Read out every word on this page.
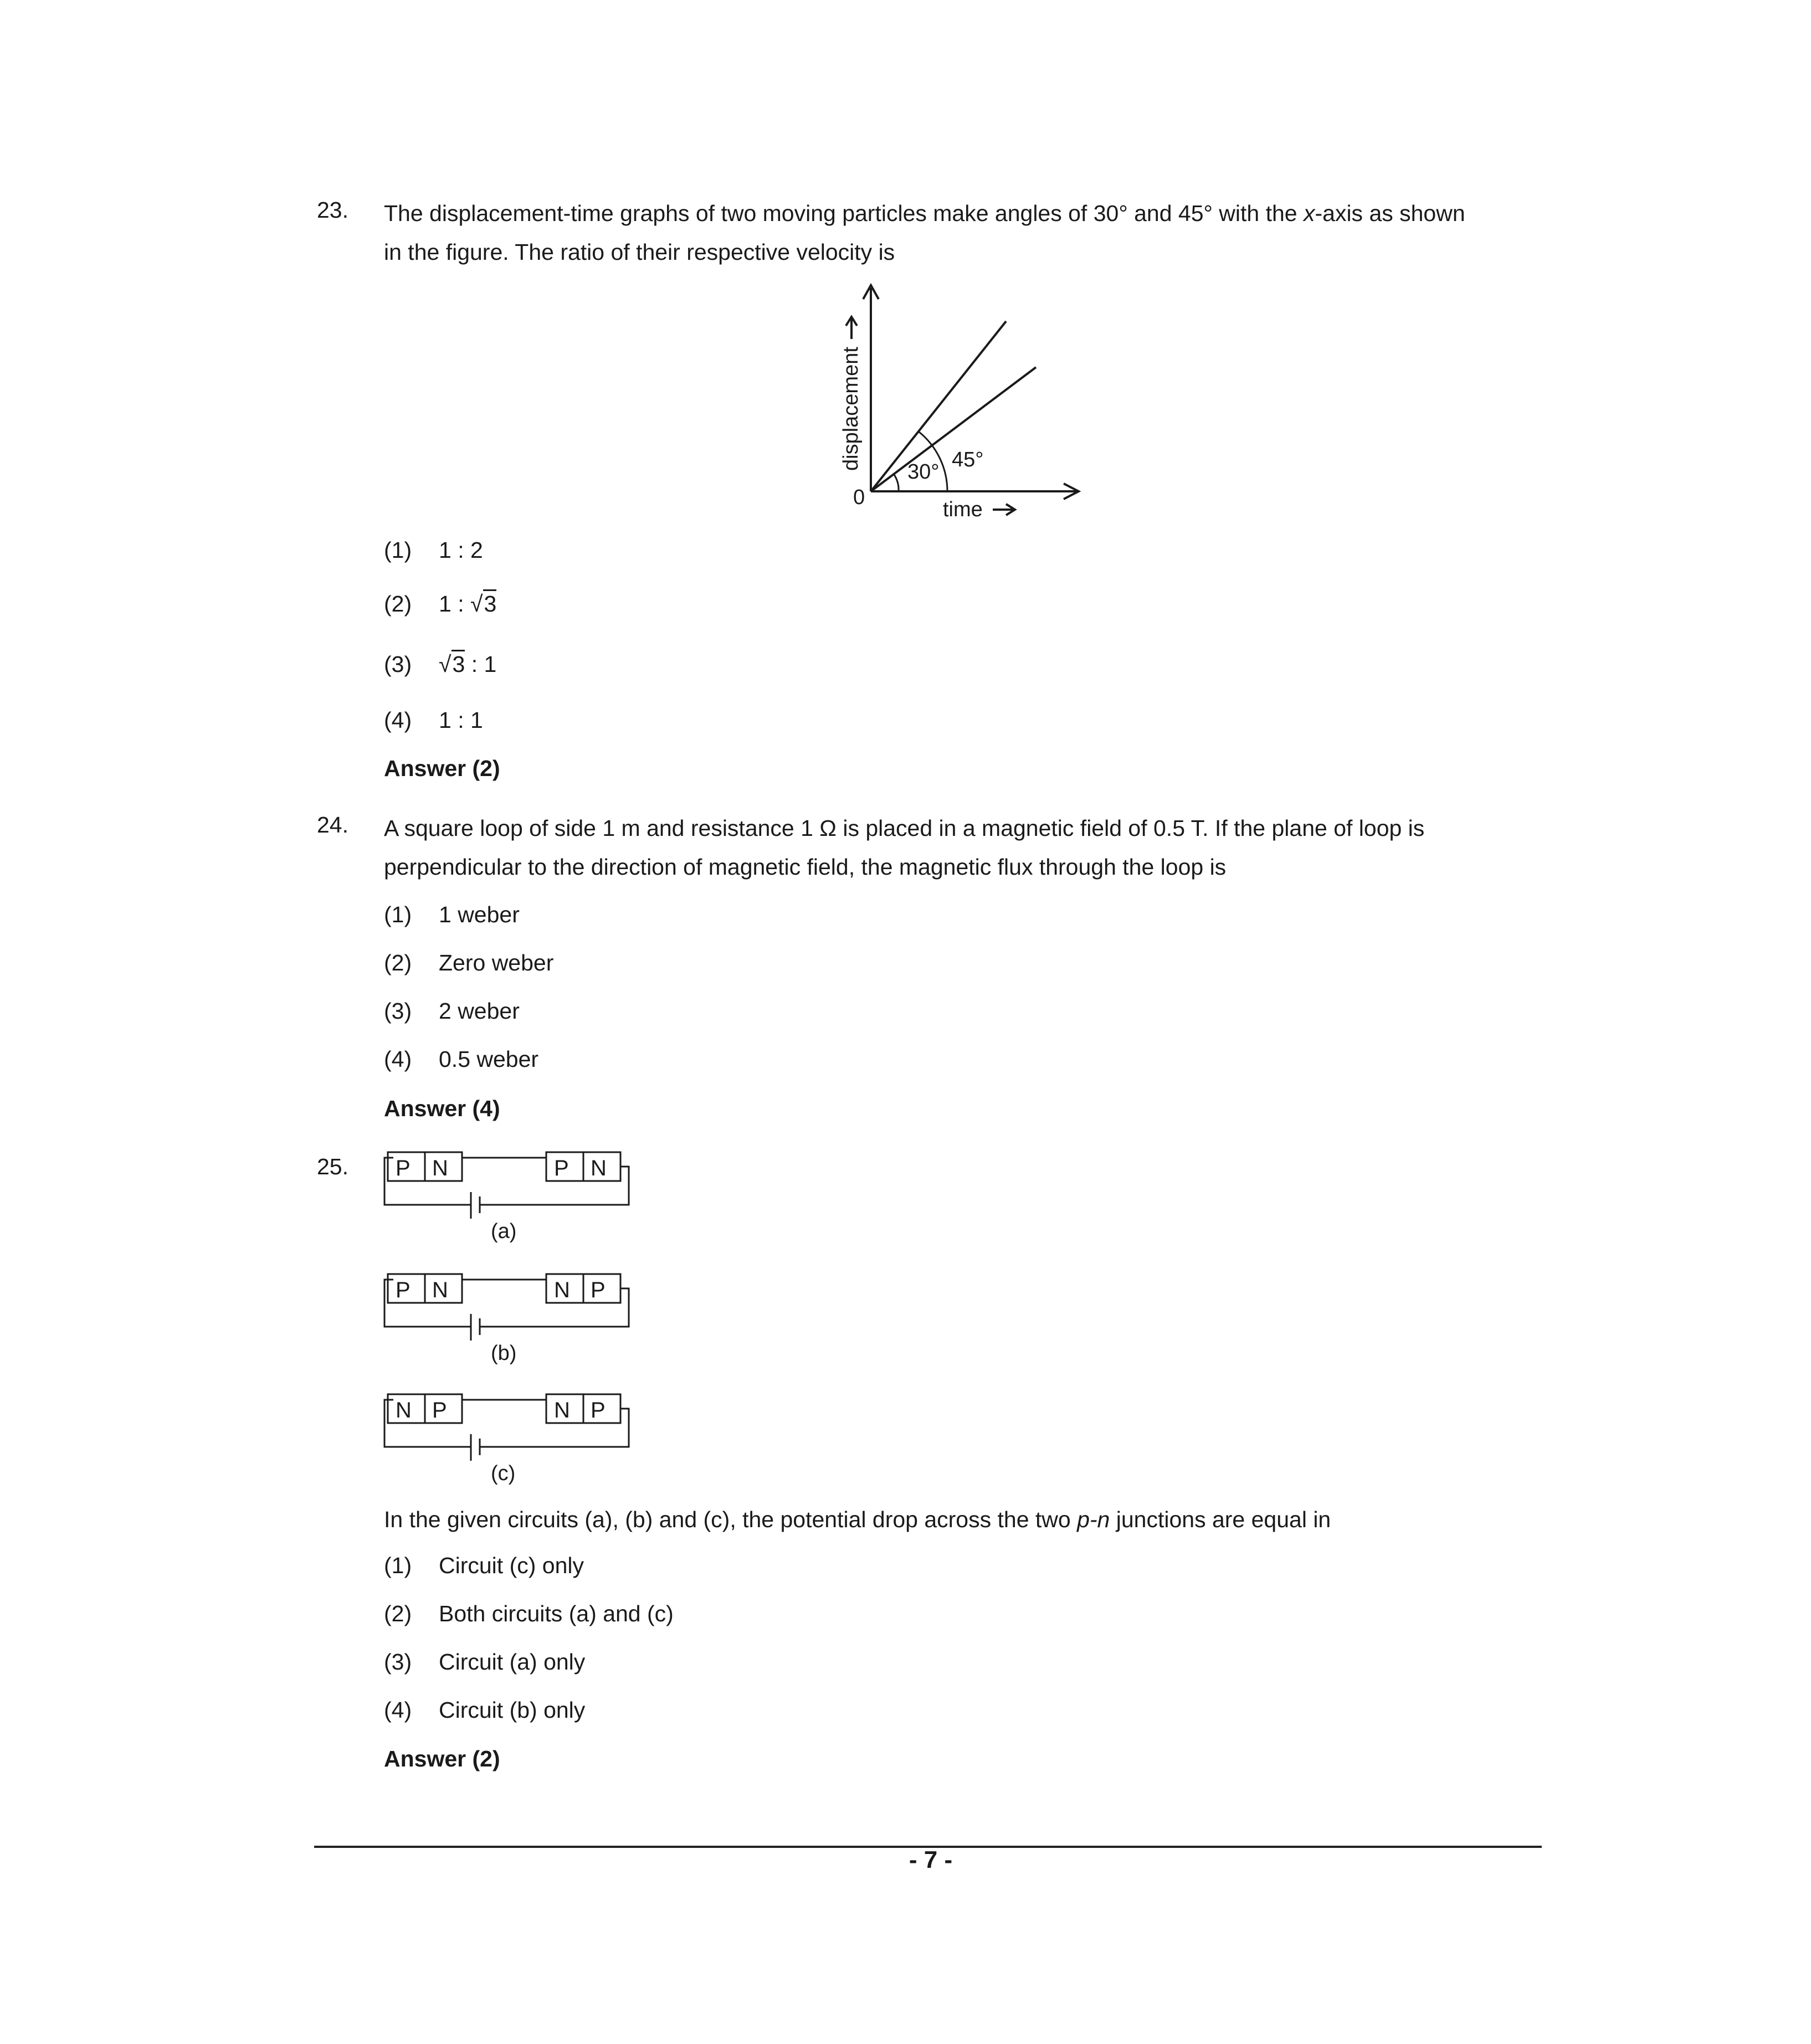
23. The displacement-time graphs of two moving particles make angles of 30° and 45° with the x-axis as shown
in the figure. The ratio of their respective velocity is
30°
45°
0
time
displacement
(1) 1 : 2
(2) 1 : √3
(3) √3 : 1
(4) 1 : 1
Answer (2)
24. A square loop of side 1 m and resistance 1 Ω is placed in a magnetic field of 0.5 T. If the plane of loop is
perpendicular to the direction of magnetic field, the magnetic flux through the loop is
(1) 1 weber
(2) Zero weber
(3) 2 weber
(4) 0.5 weber
Answer (4)
25. P N	P N
(a)
P N	N P
(b)
N P	N P
(c)
In the given circuits (a), (b) and (c), the potential drop across the two p-n junctions are equal in
(1) Circuit (c) only
(2) Both circuits (a) and (c)
(3) Circuit (a) only
(4) Circuit (b) only
Answer (2)
- 7 -
